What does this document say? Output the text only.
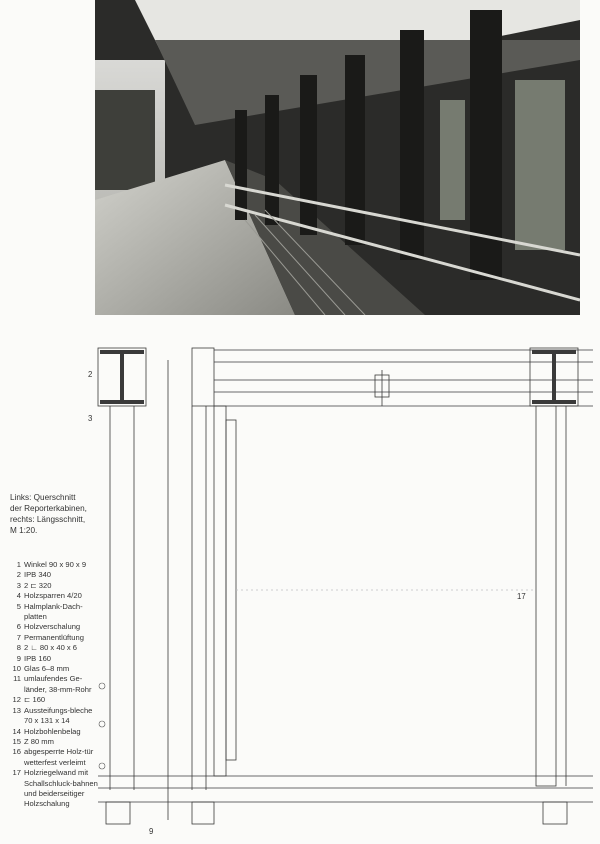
2
3
17
9
Links: Querschnitt
der Reporterkabinen,
rechts: Längsschnitt,
M 1:20.
1 Winkel 90 x 90 x 9
2 IPB 340
3 2 ⊏ 320
4 Holzsparren 4/20
5 Halmplank-Dach-platten
6 Holzverschalung
7 Permanentlüftung
8 2 ∟ 80 x 40 x 6
9 IPB 160
10 Glas 6–8 mm
11 umlaufendes Ge-länder, 38-mm-Rohr
12 ⊏ 160
13 Aussteifungs-bleche 70 x 131 x 14
14 Holzbohlenbelag
15 Z 80 mm
16 abgesperrte Holz-tür wetterfest verleimt
17 Holzriegelwand mit Schallschluck-bahnen und beiderseitiger Holzschalung
